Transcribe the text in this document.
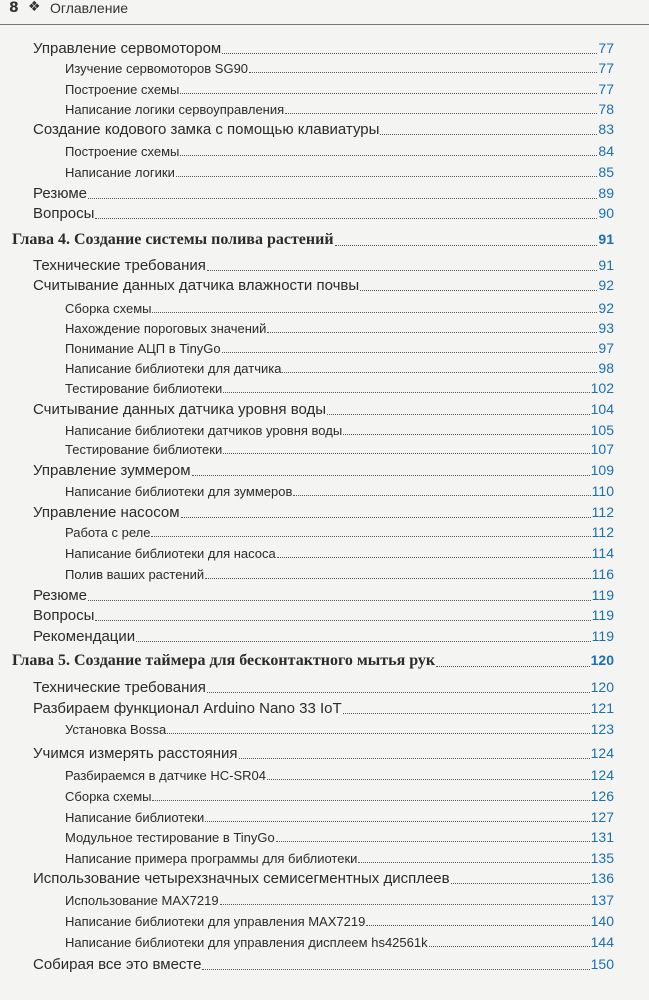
8 ❖ Оглавление
Управление сервомотором	77
Изучение сервомоторов SG90	77
Построение схемы	77
Написание логики сервоуправления	78
Создание кодового замка с помощью клавиатуры	83
Построение схемы	84
Написание логики	85
Резюме	89
Вопросы	90
Глава 4. Создание системы полива растений	91
Технические требования	91
Считывание данных датчика влажности почвы	92
Сборка схемы	92
Нахождение пороговых значений	93
Понимание АЦП в TinyGo	97
Написание библиотеки для датчика	98
Тестирование библиотеки	102
Считывание данных датчика уровня воды	104
Написание библиотеки датчиков уровня воды	105
Тестирование библиотеки	107
Управление зуммером	109
Написание библиотеки для зуммеров	110
Управление насосом	112
Работа с реле	112
Написание библиотеки для насоса	114
Полив ваших растений	116
Резюме	119
Вопросы	119
Рекомендации	119
Глава 5. Создание таймера для бесконтактного мытья рук	120
Технические требования	120
Разбираем функционал Arduino Nano 33 IoT	121
Установка Bossa	123
Учимся измерять расстояния	124
Разбираемся в датчике HC-SR04	124
Сборка схемы	126
Написание библиотеки	127
Модульное тестирование в TinyGo	131
Написание примера программы для библиотеки	135
Использование четырехзначных семисегментных дисплеев	136
Использование MAX7219	137
Написание библиотеки для управления MAX7219	140
Написание библиотеки для управления дисплеем hs42561k	144
Собирая все это вместе	150
